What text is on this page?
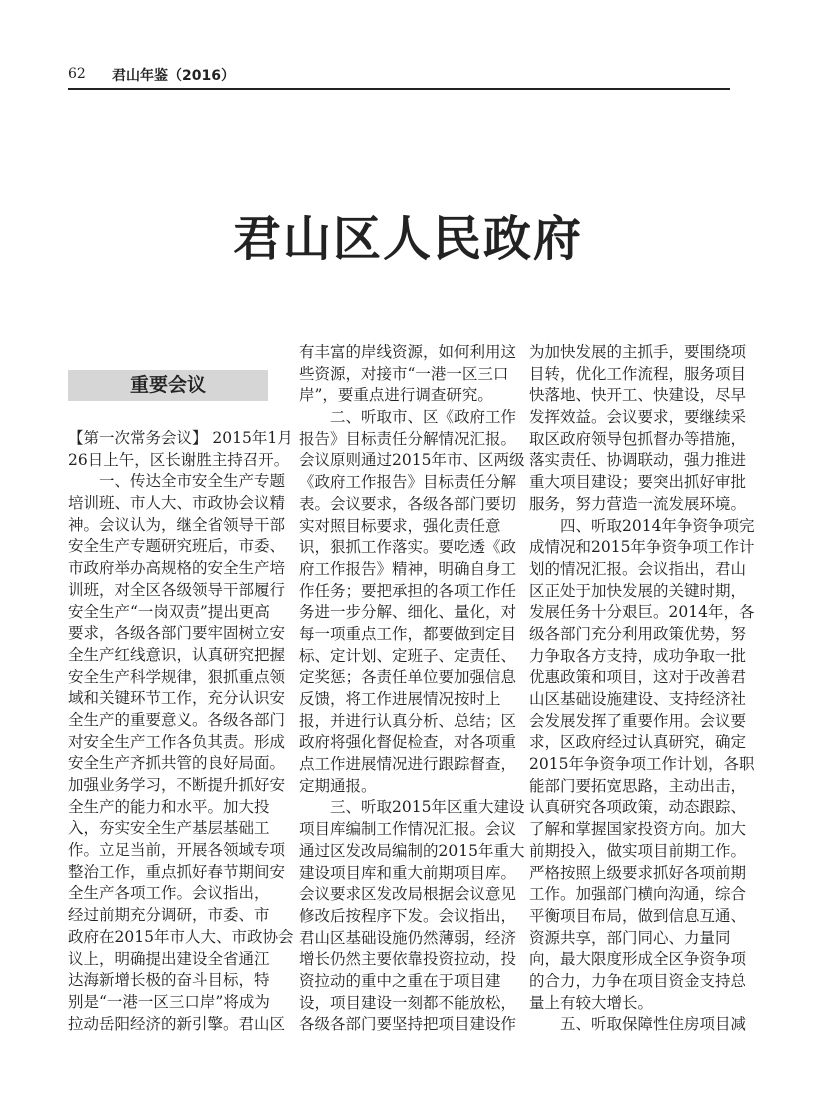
62 君山年鉴（2016）
君山区人民政府
重要会议
【第一次常务会议】 2015年1月
26日上午，区长谢胜主持召开。
一、传达全市安全生产专题
培训班、市人大、市政协会议精
神。会议认为，继全省领导干部
安全生产专题研究班后，市委、
市政府举办高规格的安全生产培
训班，对全区各级领导干部履行
安全生产“一岗双责”提出更高
要求，各级各部门要牢固树立安
全生产红线意识，认真研究把握
安全生产科学规律，狠抓重点领
域和关键环节工作，充分认识安
全生产的重要意义。各级各部门
对安全生产工作各负其责。形成
安全生产齐抓共管的良好局面。
加强业务学习，不断提升抓好安
全生产的能力和水平。加大投
入，夯实安全生产基层基础工
作。立足当前，开展各领域专项
整治工作，重点抓好春节期间安
全生产各项工作。会议指出，
经过前期充分调研，市委、市
政府在2015年市人大、市政协会
议上，明确提出建设全省通江
达海新增长极的奋斗目标，特
别是“一港一区三口岸”将成为
拉动岳阳经济的新引擎。君山区
有丰富的岸线资源，如何利用这
些资源，对接市“一港一区三口
岸”，要重点进行调查研究。
二、听取市、区《政府工作
报告》目标责任分解情况汇报。
会议原则通过2015年市、区两级
《政府工作报告》目标责任分解
表。会议要求，各级各部门要切
实对照目标要求，强化责任意
识，狠抓工作落实。要吃透《政
府工作报告》精神，明确自身工
作任务；要把承担的各项工作任
务进一步分解、细化、量化，对
每一项重点工作，都要做到定目
标、定计划、定班子、定责任、
定奖惩；各责任单位要加强信息
反馈，将工作进展情况按时上
报，并进行认真分析、总结；区
政府将强化督促检查，对各项重
点工作进展情况进行跟踪督查，
定期通报。
三、听取2015年区重大建设
项目库编制工作情况汇报。会议
通过区发改局编制的2015年重大
建设项目库和重大前期项目库。
会议要求区发改局根据会议意见
修改后按程序下发。会议指出，
君山区基础设施仍然薄弱，经济
增长仍然主要依靠投资拉动，投
资拉动的重中之重在于项目建
设，项目建设一刻都不能放松，
各级各部门要坚持把项目建设作
为加快发展的主抓手，要围绕项
目转，优化工作流程，服务项目
快落地、快开工、快建设，尽早
发挥效益。会议要求，要继续采
取区政府领导包抓督办等措施，
落实责任、协调联动，强力推进
重大项目建设；要突出抓好审批
服务，努力营造一流发展环境。
四、听取2014年争资争项完
成情况和2015年争资争项工作计
划的情况汇报。会议指出，君山
区正处于加快发展的关键时期，
发展任务十分艰巨。2014年，各
级各部门充分利用政策优势，努
力争取各方支持，成功争取一批
优惠政策和项目，这对于改善君
山区基础设施建设、支持经济社
会发展发挥了重要作用。会议要
求，区政府经过认真研究，确定
2015年争资争项工作计划，各职
能部门要拓宽思路，主动出击，
认真研究各项政策，动态跟踪、
了解和掌握国家投资方向。加大
前期投入，做实项目前期工作。
严格按照上级要求抓好各项前期
工作。加强部门横向沟通，综合
平衡项目布局，做到信息互通、
资源共享，部门同心、力量同
向，最大限度形成全区争资争项
的合力，力争在项目资金支持总
量上有较大增长。
五、听取保障性住房项目减
